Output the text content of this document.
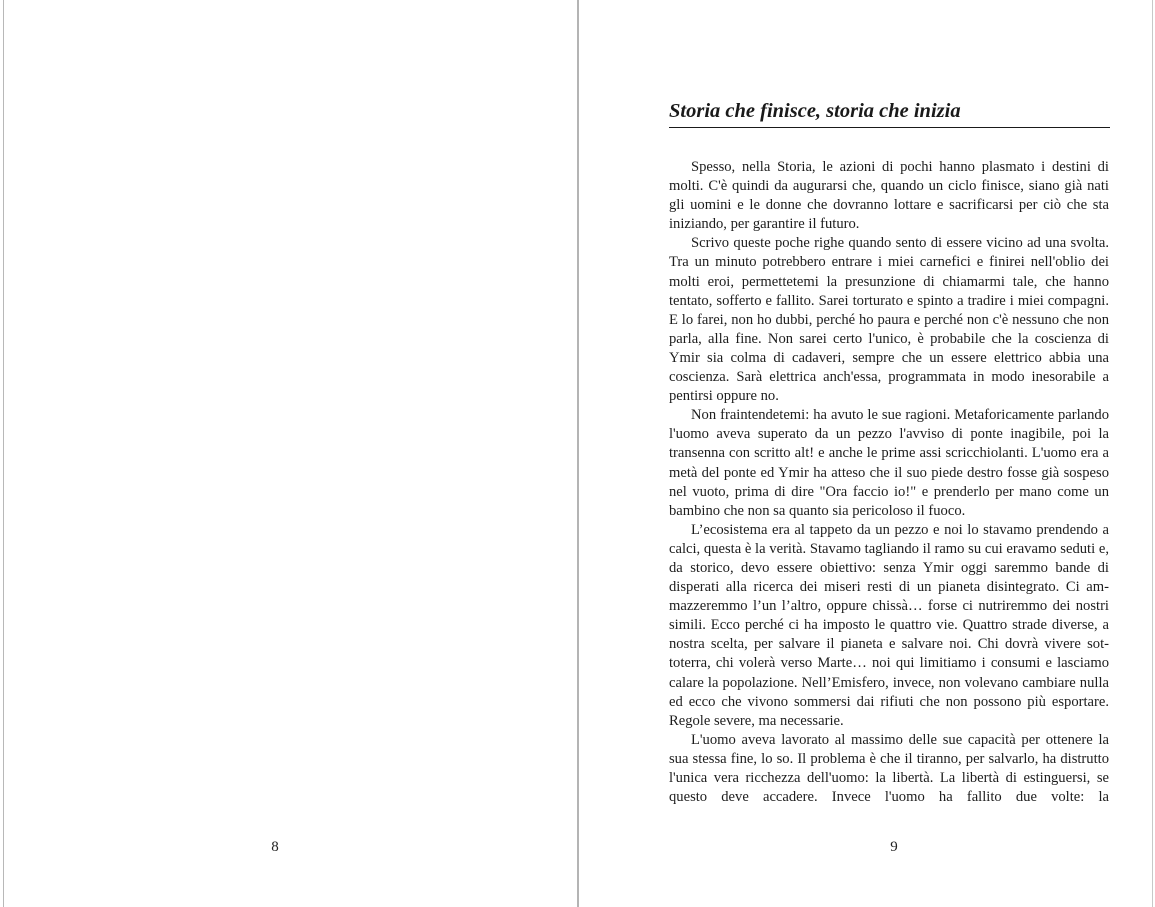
8
Storia che finisce, storia che inizia

Spesso, nella Storia, le azioni di pochi hanno plasmato i destini di molti. C'è quindi da augurarsi che, quando un ciclo finisce, siano già nati gli uomini e le donne che dovranno lottare e sacrificarsi per ciò che sta iniziando, per garantire il futuro.

Scrivo queste poche righe quando sento di essere vicino ad una svolta. Tra un minuto potrebbero entrare i miei carnefici e finirei nell'oblio dei molti eroi, permettetemi la presunzione di chiamarmi tale, che hanno tentato, sofferto e fallito. Sarei torturato e spinto a tradire i miei compagni. E lo farei, non ho dubbi, perché ho paura e perché non c'è nessuno che non parla, alla fine. Non sarei certo l'unico, è probabile che la coscienza di Ymir sia colma di cadaveri, sempre che un essere elettrico abbia una coscienza. Sarà elettrica anch'essa, programmata in modo inesorabile a pentirsi oppure no.

Non fraintendetemi: ha avuto le sue ragioni. Metaforicamente parlando l'uomo aveva superato da un pezzo l'avviso di ponte inagibile, poi la transenna con scritto alt! e anche le prime assi scricchiolanti. L'uomo era a metà del ponte ed Ymir ha atteso che il suo piede destro fosse già sospeso nel vuoto, prima di dire "Ora faccio io!" e prenderlo per mano come un bambino che non sa quanto sia pericoloso il fuoco.

L’ecosistema era al tappeto da un pezzo e noi lo stavamo prendendo a calci, questa è la verità. Stavamo tagliando il ramo su cui eravamo seduti e, da storico, devo essere obiettivo: senza Ymir oggi saremmo bande di disperati alla ricerca dei miseri resti di un pianeta disintegrato. Ci ammazzeremmo l’un l’altro, oppure chissà… forse ci nutriremmo dei nostri simili. Ecco perché ci ha imposto le quattro vie. Quattro strade diverse, a nostra scelta, per salvare il pianeta e salvare noi. Chi dovrà vivere sottoterra, chi volerà verso Marte… noi qui limitiamo i consumi e lasciamo calare la popolazione. Nell’Emisfero, invece, non volevano cambiare nulla ed ecco che vivono sommersi dai rifiuti che non possono più esportare. Regole severe, ma necessarie.

L'uomo aveva lavorato al massimo delle sue capacità per ottenere la sua stessa fine, lo so. Il problema è che il tiranno, per salvarlo, ha distrutto l'unica vera ricchezza dell'uomo: la libertà. La libertà di estinguersi, se questo deve accadere. Invece l'uomo ha fallito due volte: la

9
